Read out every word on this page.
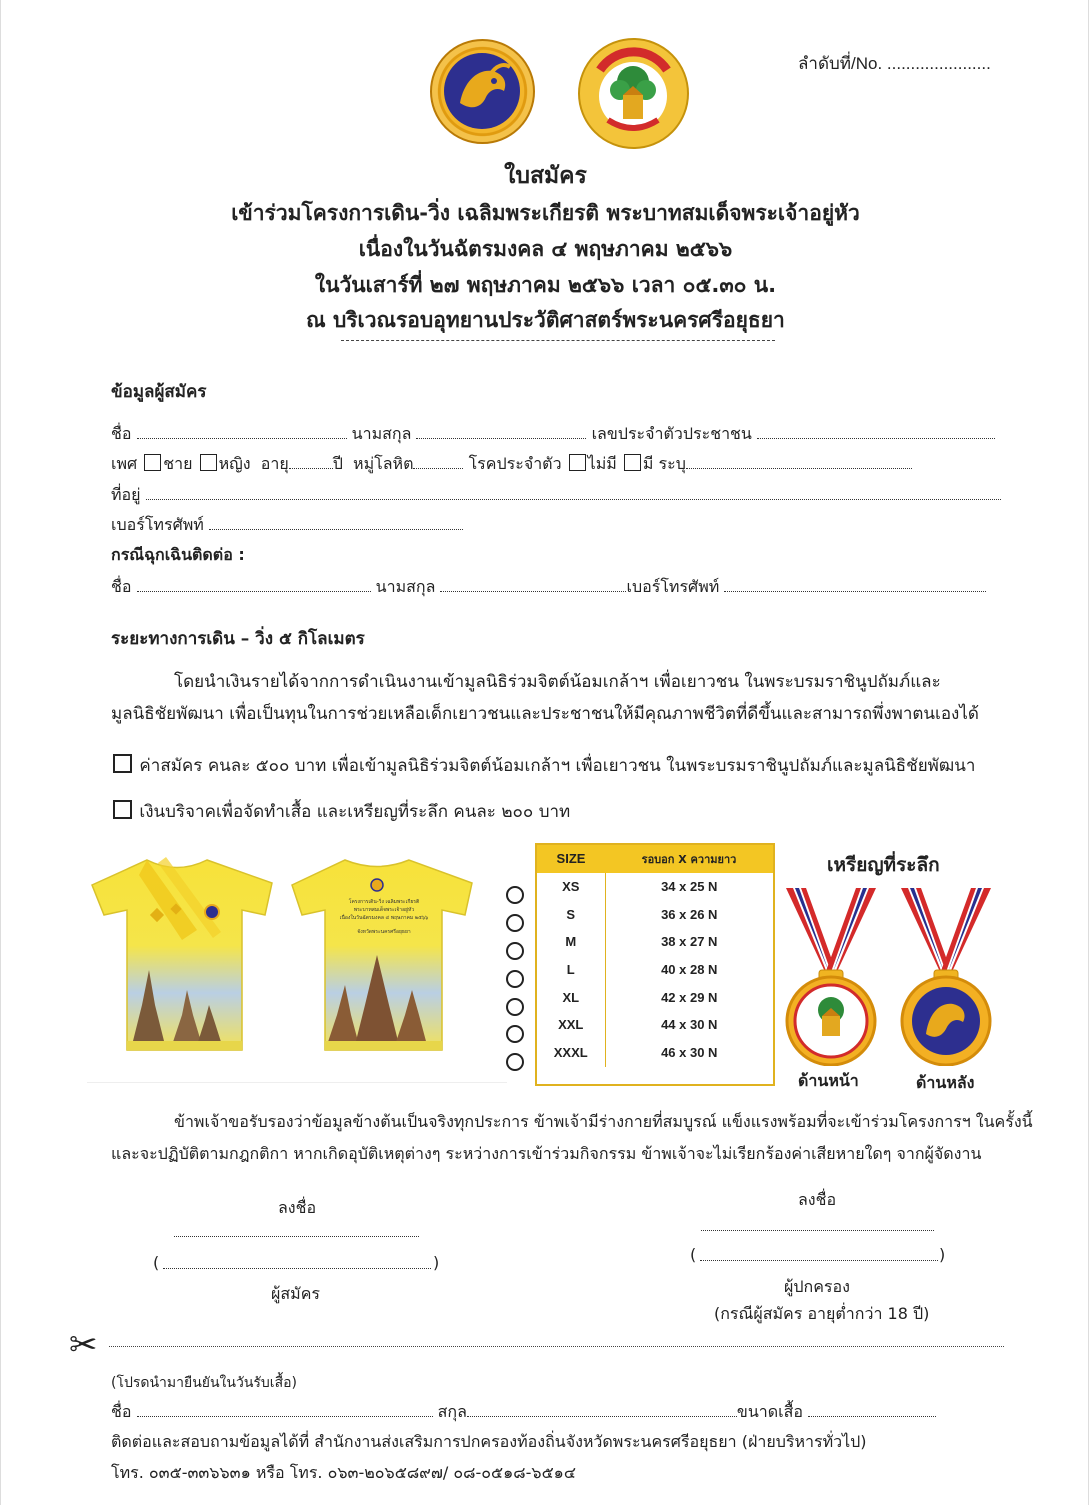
ลำดับที่/No. ......................
ใบสมัคร
เข้าร่วมโครงการเดิน-วิ่ง เฉลิมพระเกียรติ พระบาทสมเด็จพระเจ้าอยู่หัว
เนื่องในวันฉัตรมงคล ๔ พฤษภาคม ๒๕๖๖
ในวันเสาร์ที่ ๒๗ พฤษภาคม ๒๕๖๖ เวลา ๐๕.๓๐ น.
ณ บริเวณรอบอุทยานประวัติศาสตร์พระนครศรีอยุธยา
ข้อมูลผู้สมัคร
ชื่อ	นามสกุล	เลขประจำตัวประชาชน
เพศ ชาย หญิง อายุ	ปี หมู่โลหิต	โรคประจำตัว ไม่มี มี ระบุ
ที่อยู่
เบอร์โทรศัพท์
กรณีฉุกเฉินติดต่อ :
ชื่อ	นามสกุล	เบอร์โทรศัพท์
ระยะทางการเดิน – วิ่ง ๕ กิโลเมตร
โดยนำเงินรายได้จากการดำเนินงานเข้ามูลนิธิร่วมจิตต์น้อมเกล้าฯ เพื่อเยาวชน ในพระบรมราชินูปถัมภ์และ
มูลนิธิชัยพัฒนา เพื่อเป็นทุนในการช่วยเหลือเด็กเยาวชนและประชาชนให้มีคุณภาพชีวิตที่ดีขึ้นและสามารถพึ่งพาตนเองได้
ค่าสมัคร คนละ ๕๐๐ บาท เพื่อเข้ามูลนิธิร่วมจิตต์น้อมเกล้าฯ เพื่อเยาวชน ในพระบรมราชินูปถัมภ์และมูลนิธิชัยพัฒนา
เงินบริจาคเพื่อจัดทำเสื้อ และเหรียญที่ระลึก คนละ ๒๐๐ บาท
โครงการเดิน-วิ่ง เฉลิมพระเกียรติ
พระบาทสมเด็จพระเจ้าอยู่หัว
เนื่องในวันฉัตรมงคล ๔ พฤษภาคม ๒๕๖๖
จังหวัดพระนครศรีอยุธยา
SIZE	รอบอก X ความยาว
XS	34 x 25 N
S	36 x 26 N
M	38 x 27 N
L	40 x 28 N
XL	42 x 29 N
XXL	44 x 30 N
XXXL	46 x 30 N
เหรียญที่ระลึก
ด้านหน้า	ด้านหลัง
ข้าพเจ้าขอรับรองว่าข้อมูลข้างต้นเป็นจริงทุกประการ ข้าพเจ้ามีร่างกายที่สมบูรณ์ แข็งแรงพร้อมที่จะเข้าร่วมโครงการฯ ในครั้งนี้
และจะปฏิบัติตามกฎกติกา หากเกิดอุบัติเหตุต่างๆ ระหว่างการเข้าร่วมกิจกรรม ข้าพเจ้าจะไม่เรียกร้องค่าเสียหายใดๆ จากผู้จัดงาน
ลงชื่อ
(	)
ผู้สมัคร
ลงชื่อ
(	)
ผู้ปกครอง
(กรณีผู้สมัคร อายุต่ำกว่า 18 ปี)
✂
(โปรดนำมายืนยันในวันรับเสื้อ)
ชื่อ	สกุล	ขนาดเสื้อ
ติดต่อและสอบถามข้อมูลได้ที่ สำนักงานส่งเสริมการปกครองท้องถิ่นจังหวัดพระนครศรีอยุธยา (ฝ่ายบริหารทั่วไป)
โทร. ๐๓๕-๓๓๖๖๓๑ หรือ โทร. ๐๖๓-๒๐๖๕๘๙๗/ ๐๘-๐๕๑๘-๖๕๑๔
